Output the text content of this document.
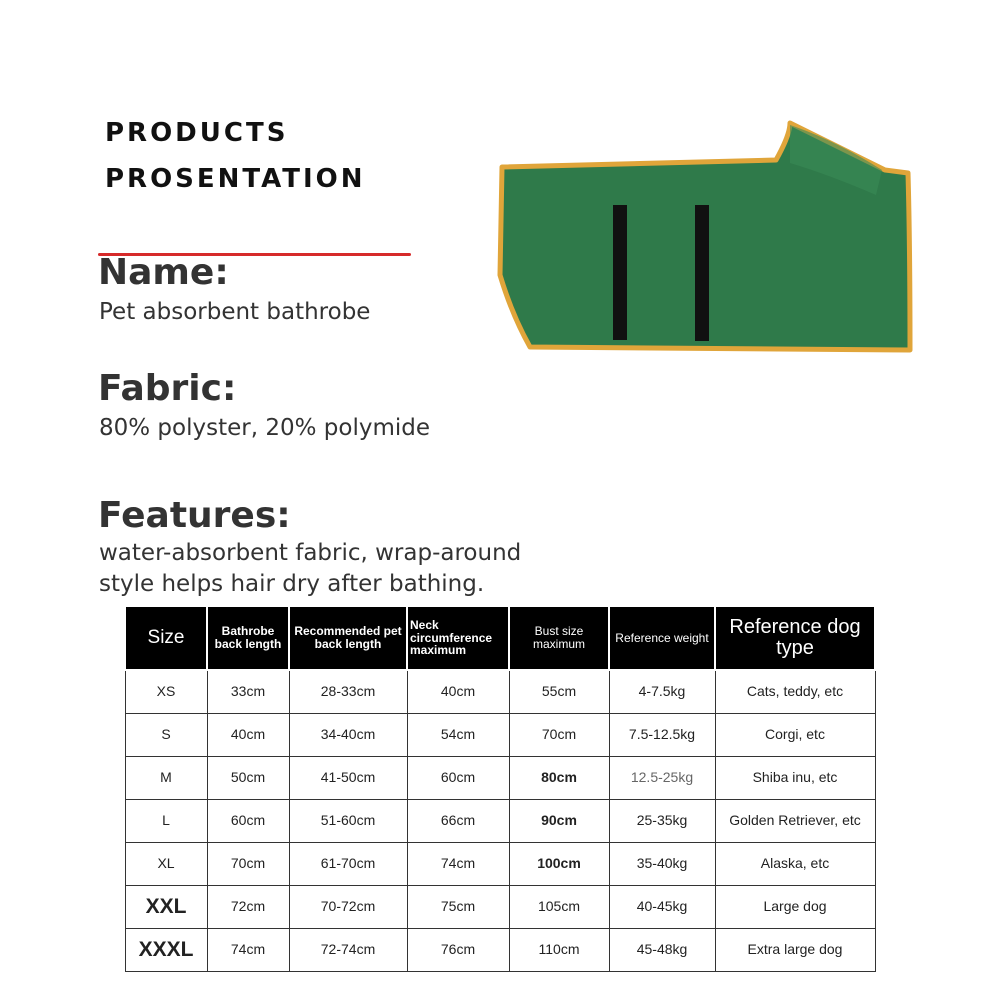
PRODUCTS
PROSENTATION
Name:
Pet absorbent bathrobe
Fabric:
80% polyster, 20% polymide
Features:
water-absorbent fabric, wrap-around
style helps hair dry after bathing.
Size	Bathrobe back length	Recommended pet back length	Neck circumference maximum	Bust size maximum	Reference weight	Reference dog type
XS	33cm	28-33cm	40cm	55cm	4-7.5kg	Cats, teddy, etc
S	40cm	34-40cm	54cm	70cm	7.5-12.5kg	Corgi, etc
M	50cm	41-50cm	60cm	80cm	12.5-25kg	Shiba inu, etc
L	60cm	51-60cm	66cm	90cm	25-35kg	Golden Retriever, etc
XL	70cm	61-70cm	74cm	100cm	35-40kg	Alaska, etc
XXL	72cm	70-72cm	75cm	105cm	40-45kg	Large dog
XXXL	74cm	72-74cm	76cm	110cm	45-48kg	Extra large dog
